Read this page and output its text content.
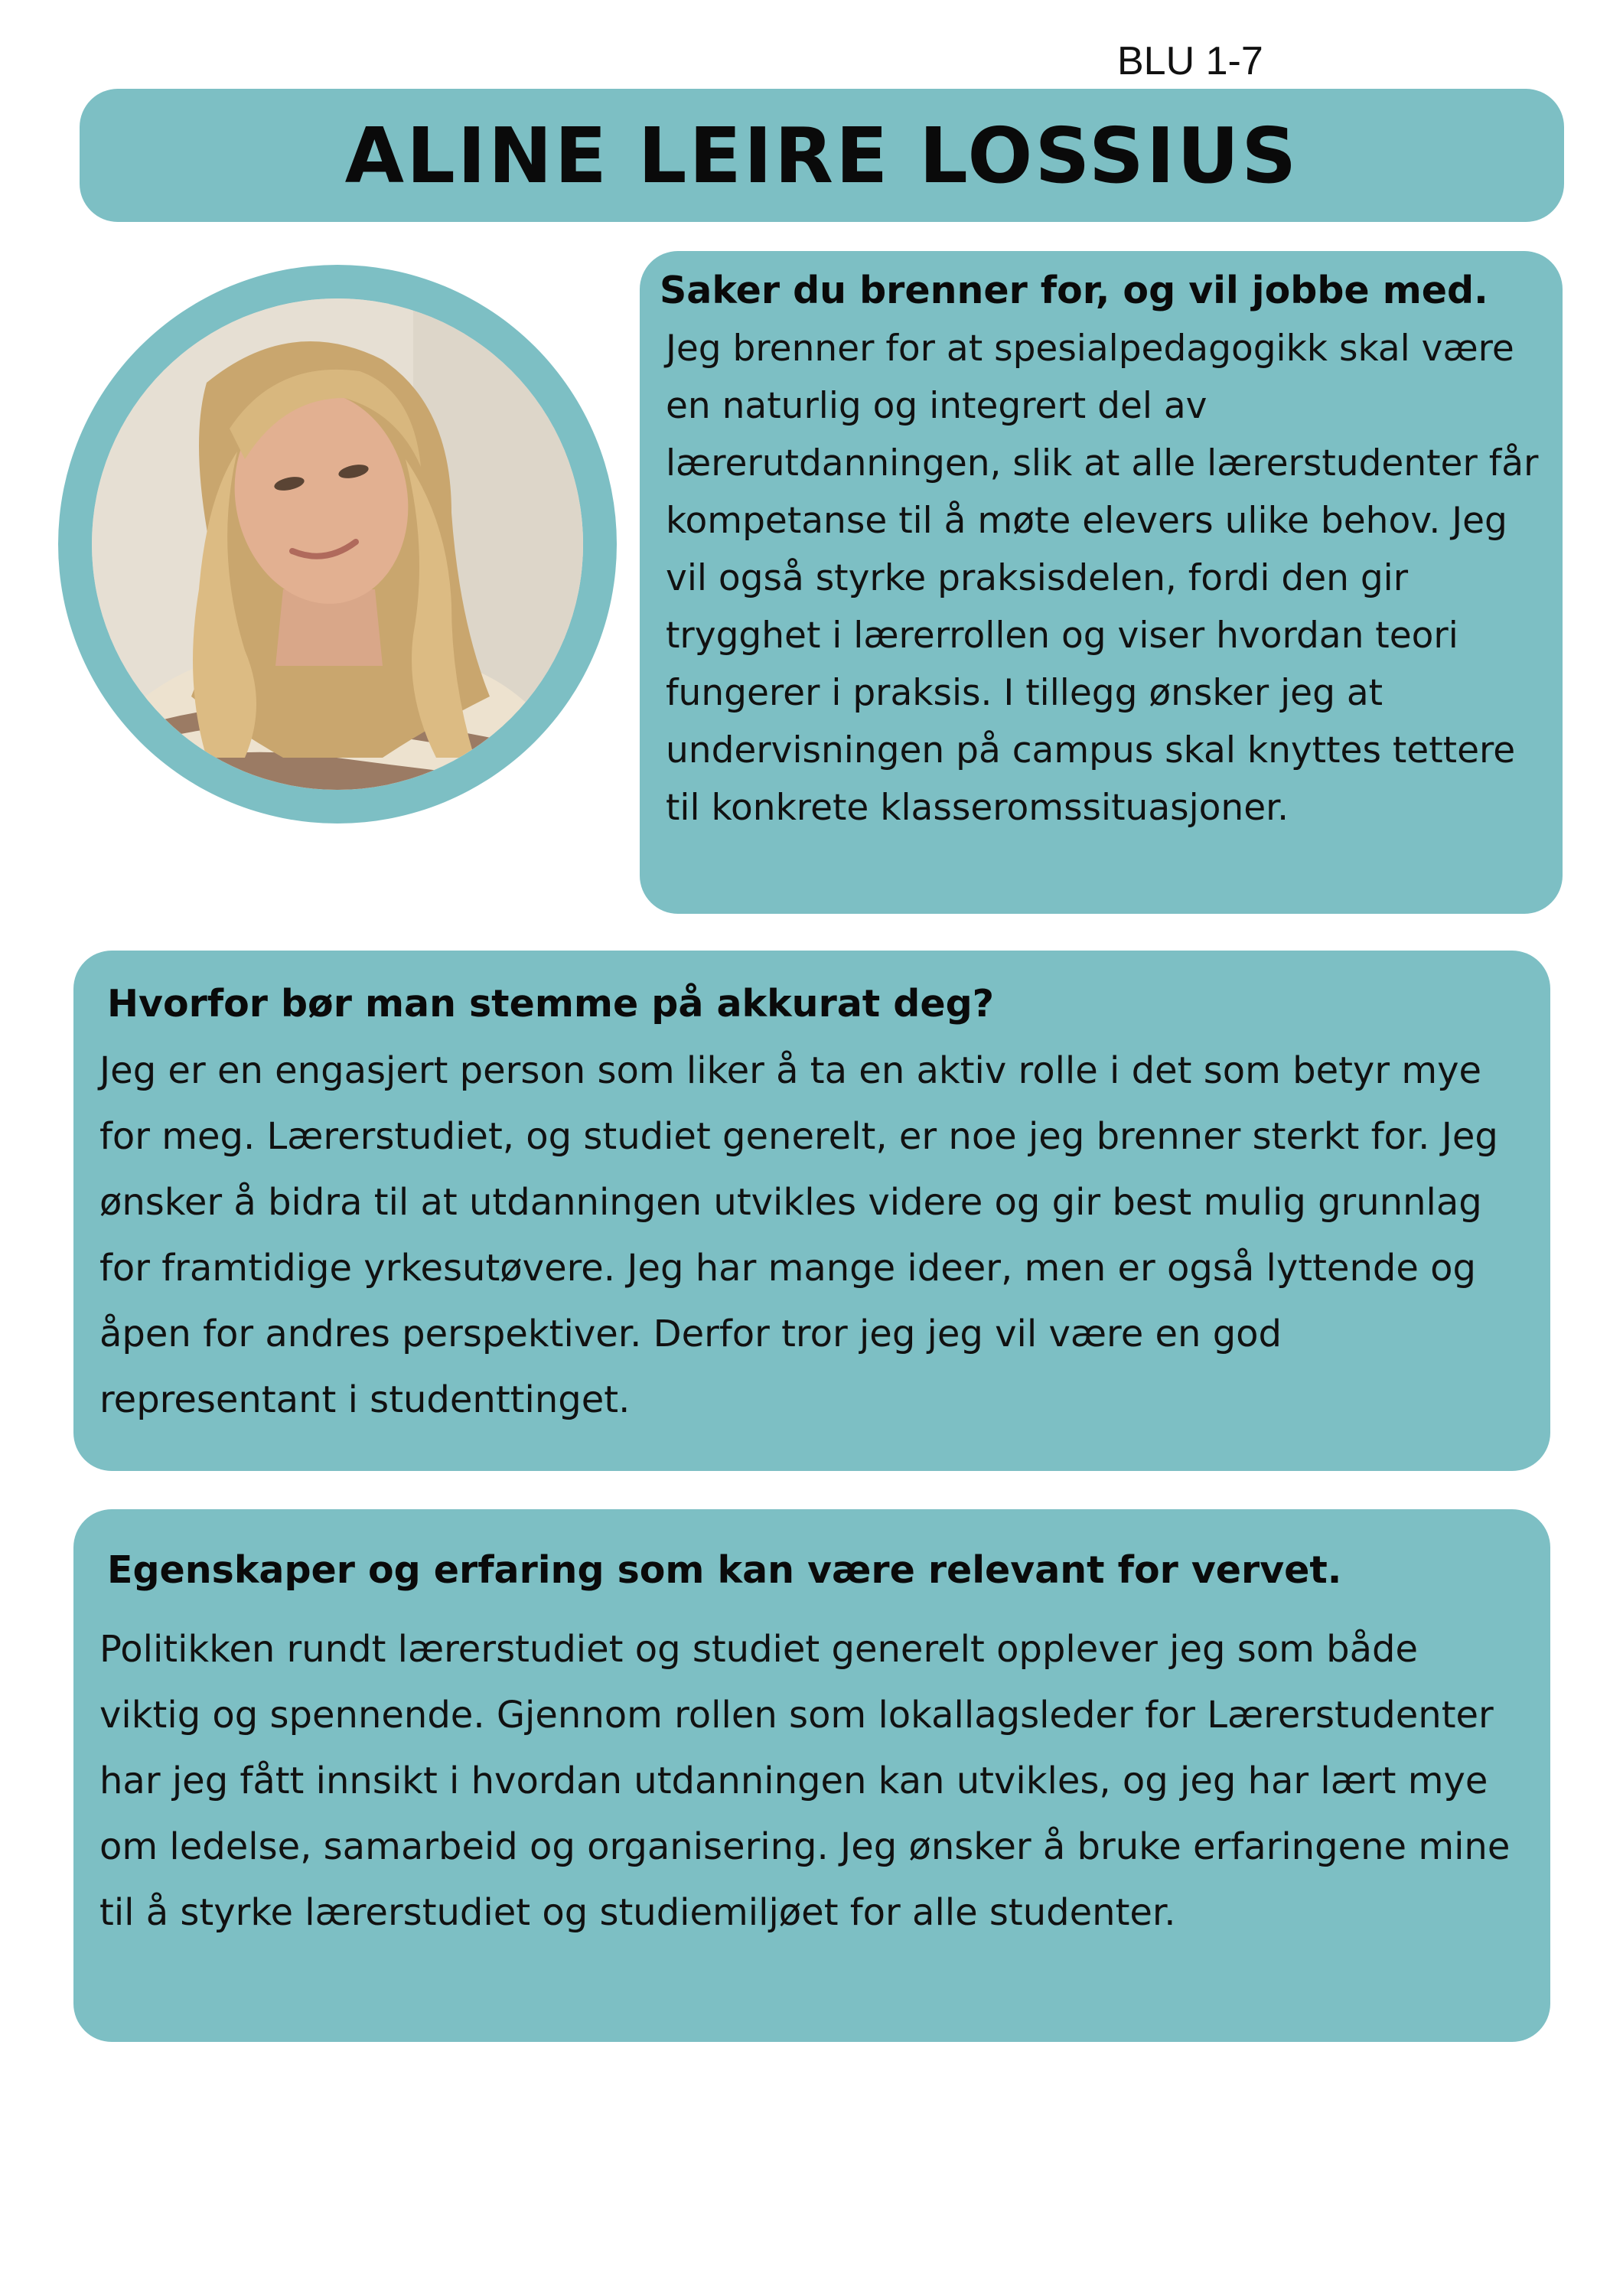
BLU 1-7
ALINE LEIRE LOSSIUS
Saker du brenner for, og vil jobbe med.

Jeg brenner for at spesialpedagogikk skal være en naturlig og integrert del av lærerutdanningen, slik at alle lærerstudenter får kompetanse til å møte elevers ulike behov. Jeg vil også styrke praksisdelen, fordi den gir trygghet i lærerrollen og viser hvordan teori fungerer i praksis. I tillegg ønsker jeg at undervisningen på campus skal knyttes tettere til konkrete klasseromssituasjoner.

Hvorfor bør man stemme på akkurat deg?

Jeg er en engasjert person som liker å ta en aktiv rolle i det som betyr mye for meg. Lærerstudiet, og studiet generelt, er noe jeg brenner sterkt for. Jeg ønsker å bidra til at utdanningen utvikles videre og gir best mulig grunnlag for framtidige yrkesutøvere. Jeg har mange ideer, men er også lyttende og åpen for andres perspektiver. Derfor tror jeg jeg vil være en god representant i studenttinget.

Egenskaper og erfaring som kan være relevant for vervet.

Politikken rundt lærerstudiet og studiet generelt opplever jeg som både viktig og spennende. Gjennom rollen som lokallagsleder for Lærerstudenter har jeg fått innsikt i hvordan utdanningen kan utvikles, og jeg har lært mye om ledelse, samarbeid og organisering. Jeg ønsker å bruke erfaringene mine til å styrke lærerstudiet og studiemiljøet for alle studenter.
